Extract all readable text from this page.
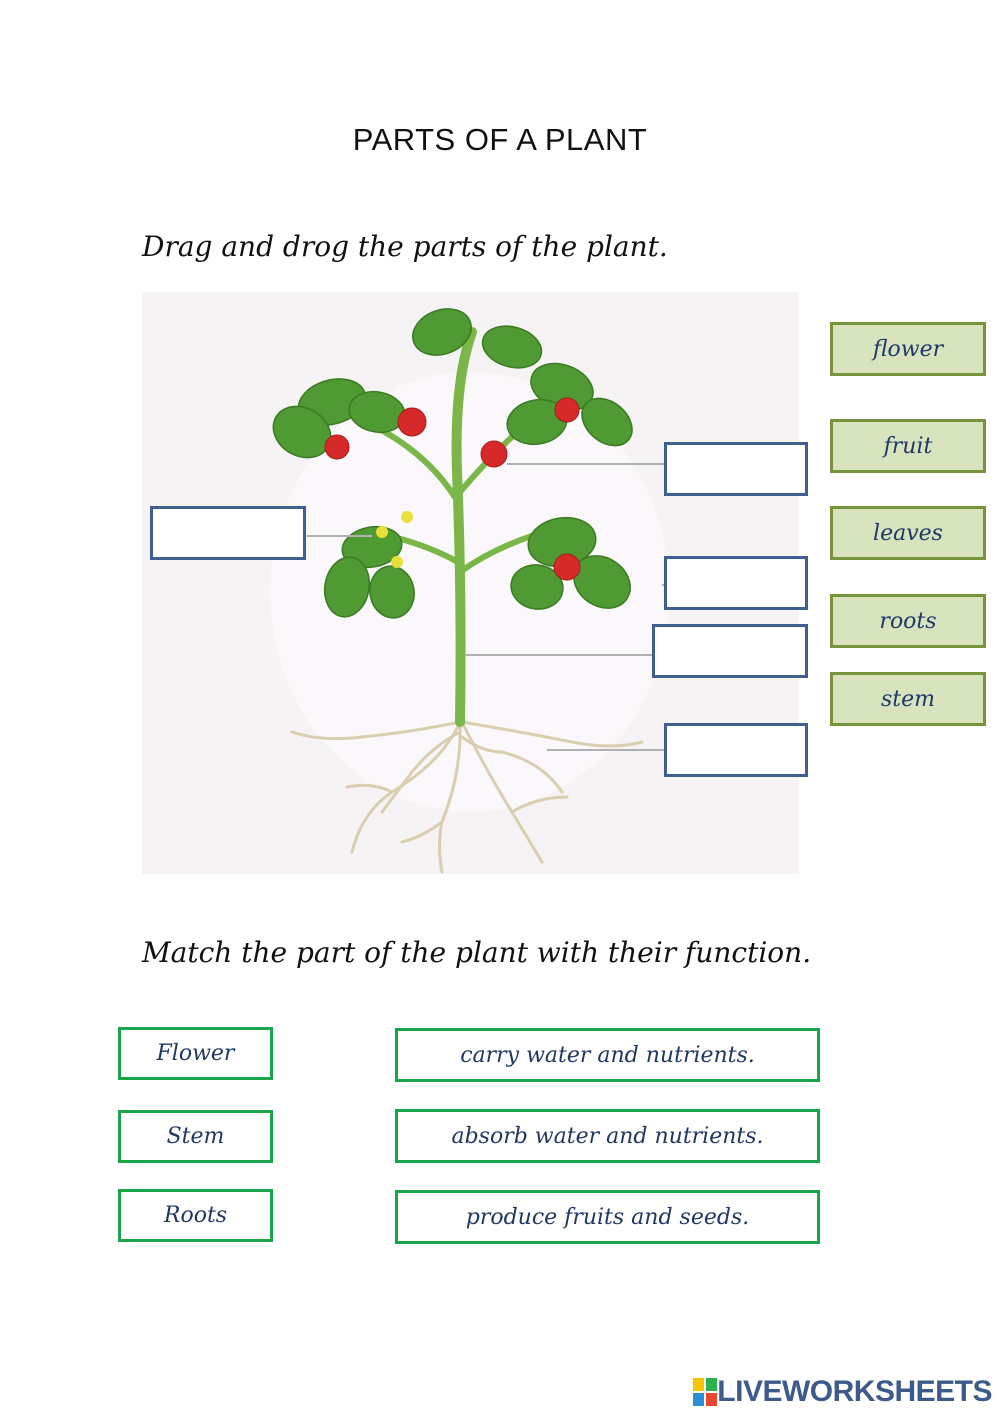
PARTS OF A PLANT
Drag and drog the parts of the plant.
flower
fruit
leaves
roots
stem
Match the part of the plant with their function.
Flower
Stem
Roots
carry water and nutrients.
absorb water and nutrients.
produce fruits and seeds.
LIVEWORKSHEETS
